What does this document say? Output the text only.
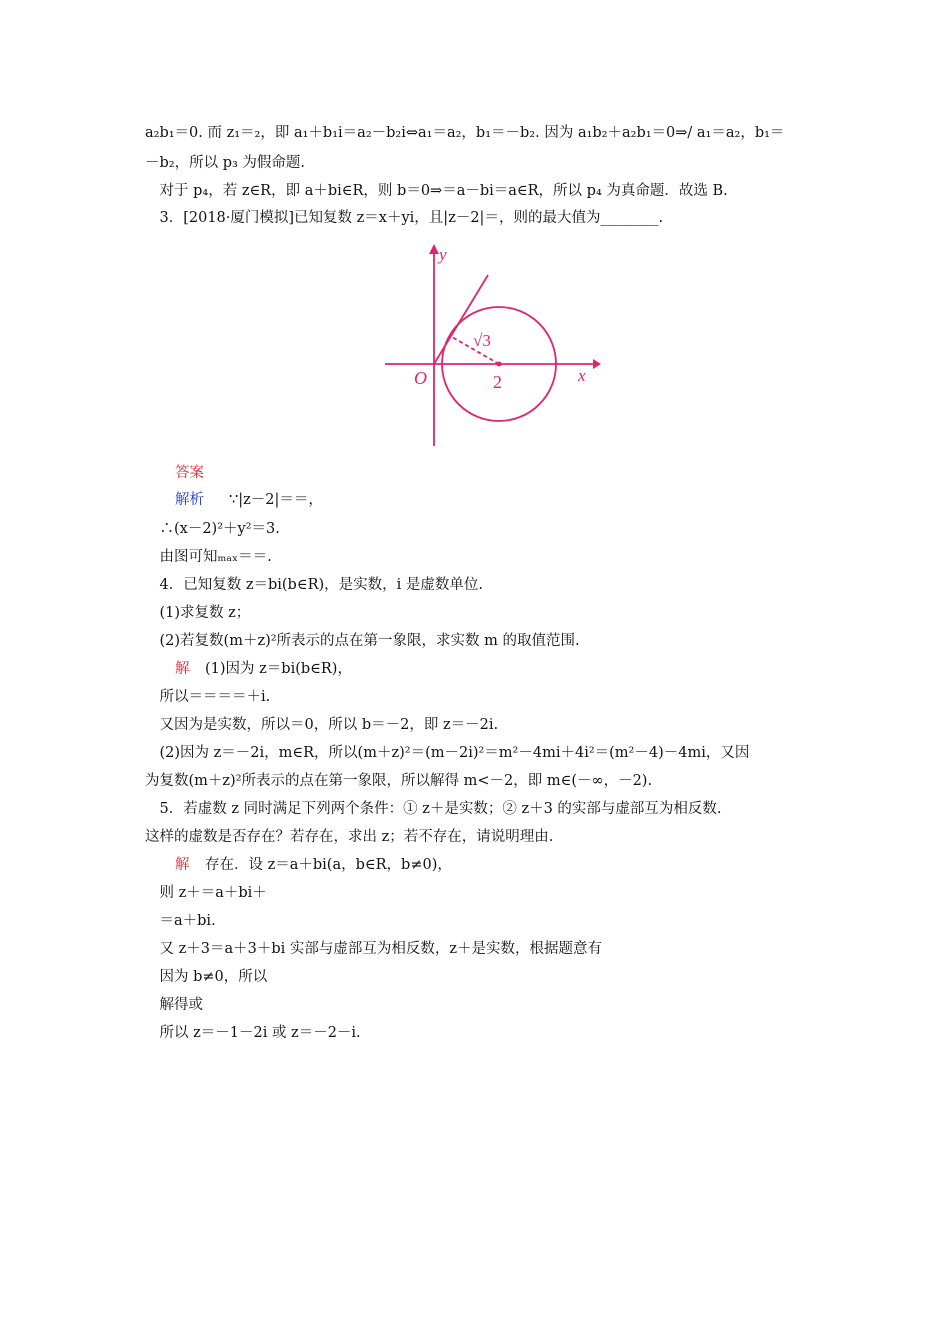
a₂b₁＝0. 而 z₁＝₂，即 a₁＋b₁i＝a₂－b₂i⇔a₁＝a₂，b₁＝－b₂. 因为 a₁b₂＋a₂b₁＝0⇒/ a₁＝a₂，b₁＝
－b₂，所以 p₃ 为假命题.
　对于 p₄，若 z∈R，即 a＋bi∈R，则 b＝0⇒＝a－bi＝a∈R，所以 p₄ 为真命题．故选 B.
　3．[2018·厦门模拟]已知复数 z＝x＋yi，且|z－2|＝，则的最大值为________.
y
x
O	2
√3
答案
解析 ∵|z－2|＝＝，
　∴(x－2)²＋y²＝3.
　由图可知ₘₐₓ＝＝.
　4．已知复数 z＝bi(b∈R)，是实数，i 是虚数单位.
　(1)求复数 z；
　(2)若复数(m＋z)²所表示的点在第一象限，求实数 m 的取值范围.
解 (1)因为 z＝bi(b∈R)，
　所以＝＝＝＝＋i.
　又因为是实数，所以＝0，所以 b＝－2，即 z＝－2i.
　(2)因为 z＝－2i，m∈R，所以(m＋z)²＝(m－2i)²＝m²－4mi＋4i²＝(m²－4)－4mi，又因
为复数(m＋z)²所表示的点在第一象限，所以解得 m<－2，即 m∈(－∞，－2).
　5．若虚数 z 同时满足下列两个条件：① z＋是实数；② z＋3 的实部与虚部互为相反数.
这样的虚数是否存在？若存在，求出 z；若不存在，请说明理由.
解 存在．设 z＝a＋bi(a，b∈R，b≠0)，
　则 z＋＝a＋bi＋
　＝a＋bi.
　又 z＋3＝a＋3＋bi 实部与虚部互为相反数，z＋是实数，根据题意有
　因为 b≠0，所以
　解得或
　所以 z＝－1－2i 或 z＝－2－i.
